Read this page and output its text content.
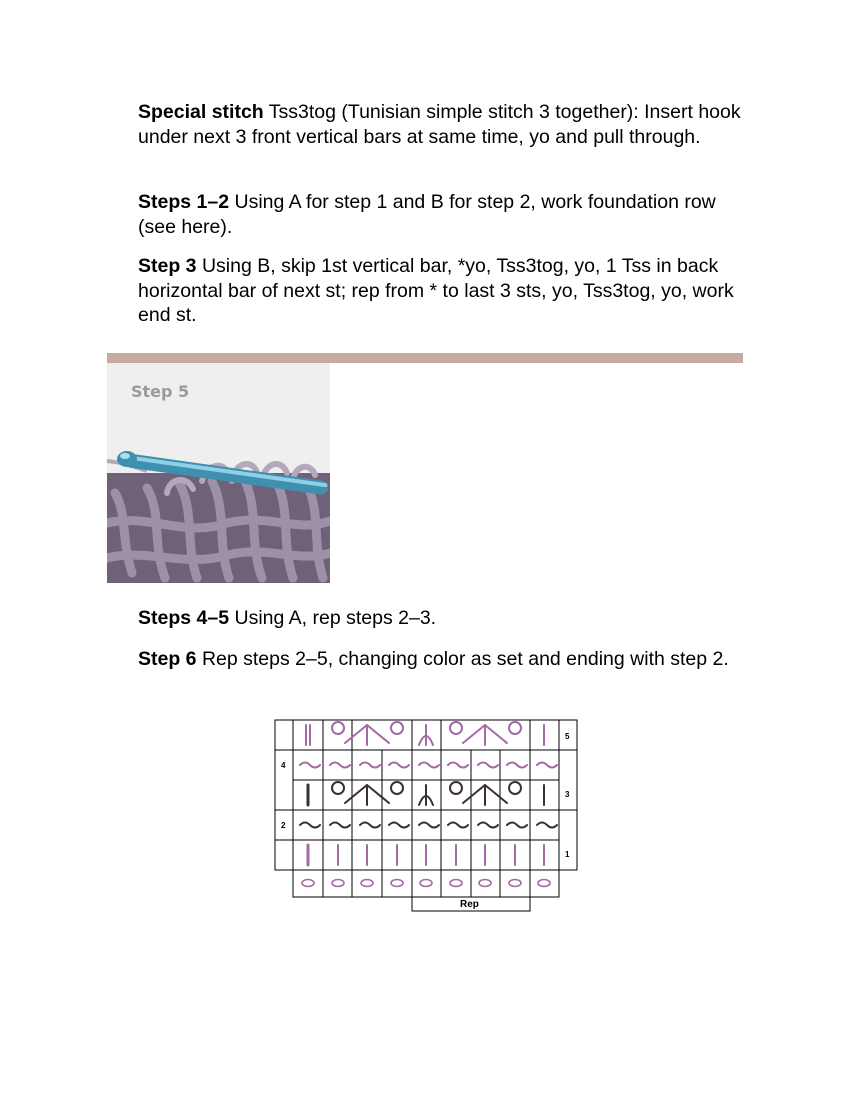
Special stitch Tss3tog (Tunisian simple stitch 3 together): Insert hook under next 3 front vertical bars at same time, yo and pull through.

Steps 1–2 Using A for step 1 and B for step 2, work foundation row (see here).

Step 3 Using B, skip 1st vertical bar, *yo, Tss3tog, yo, 1 Tss in back horizontal bar of next st; rep from * to last 3 sts, yo, Tss3tog, yo, work end st.

Step 5

Steps 4–5 Using A, rep steps 2–3.

Step 6 Rep steps 2–5, changing color as set and ending with step 2.

5
3
1
4
2
Rep
